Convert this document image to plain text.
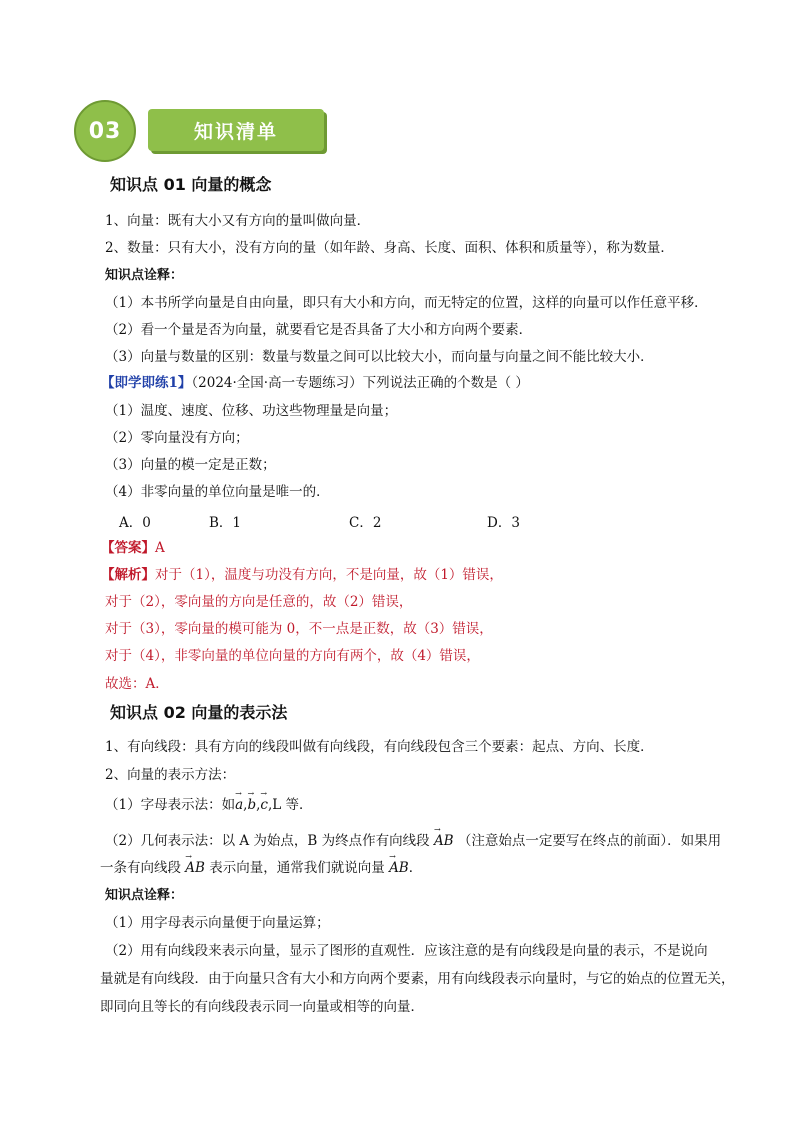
03	知识清单
知识点 01 向量的概念
1、向量：既有大小又有方向的量叫做向量．
2、数量：只有大小，没有方向的量（如年龄、身高、长度、面积、体积和质量等），称为数量．
知识点诠释：
（1）本书所学向量是自由向量，即只有大小和方向，而无特定的位置，这样的向量可以作任意平移．
（2）看一个量是否为向量，就要看它是否具备了大小和方向两个要素．
（3）向量与数量的区别：数量与数量之间可以比较大小，而向量与向量之间不能比较大小．
【即学即练1】（2024·全国·高一专题练习）下列说法正确的个数是（ ）
（1）温度、速度、位移、功这些物理量是向量；
（2）零向量没有方向；
（3）向量的模一定是正数；
（4）非零向量的单位向量是唯一的．
A．0	B．1	C．2	D．3
【答案】A
【解析】对于（1），温度与功没有方向，不是向量，故（1）错误，
对于（2），零向量的方向是任意的，故（2）错误，
对于（3），零向量的模可能为 0，不一点是正数，故（3）错误，
对于（4），非零向量的单位向量的方向有两个，故（4）错误，
故选：A．
知识点 02 向量的表示法
1、有向线段：具有方向的线段叫做有向线段，有向线段包含三个要素：起点、方向、长度．
2、向量的表示方法：
（1）字母表示法：如→ a,→ b,→ c,L 等．
（2）几何表示法：以 A 为始点，B 为终点作有向线段 → AB （注意始点一定要写在终点的前面）．如果用
一条有向线段 → AB 表示向量，通常我们就说向量 → AB．
知识点诠释：
（1）用字母表示向量便于向量运算；
（2）用有向线段来表示向量，显示了图形的直观性．应该注意的是有向线段是向量的表示，不是说向
量就是有向线段．由于向量只含有大小和方向两个要素，用有向线段表示向量时，与它的始点的位置无关，
即同向且等长的有向线段表示同一向量或相等的向量．
